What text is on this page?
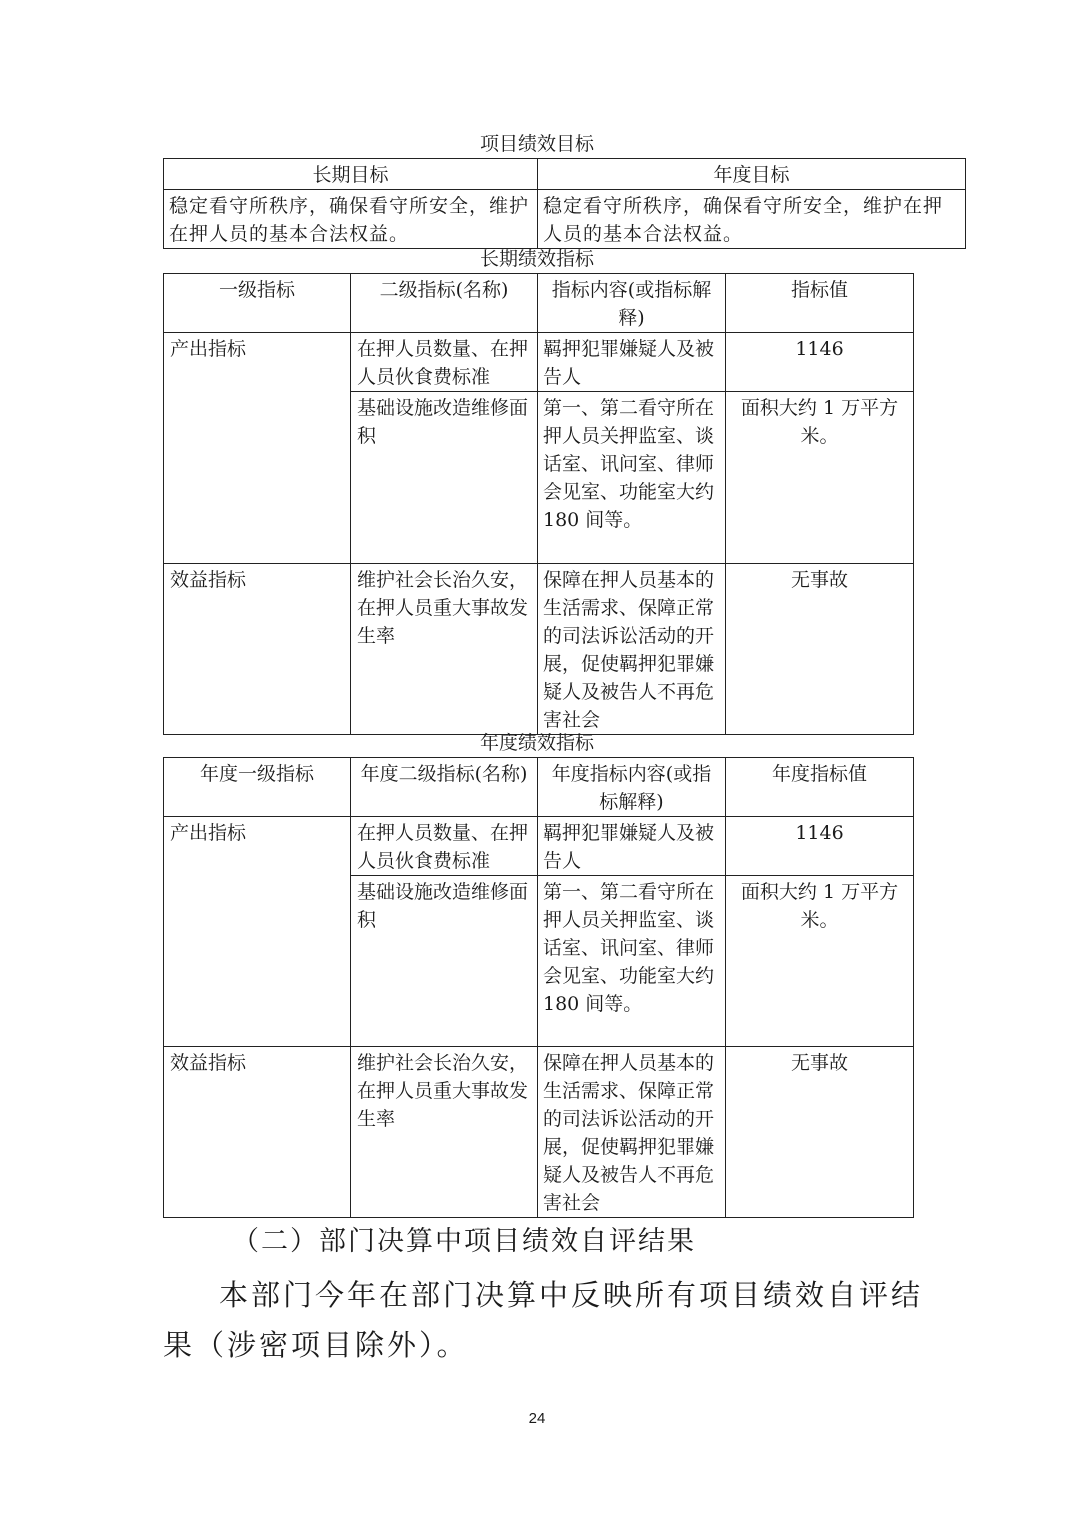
项目绩效目标
长期目标	年度目标
稳定看守所秩序，确保看守所安全，维护在押人员的基本合法权益。	稳定看守所秩序，确保看守所安全，维护在押人员的基本合法权益。
长期绩效指标
一级指标	二级指标(名称)	指标内容(或指标解释)	指标值
产出指标	在押人员数量、在押人员伙食费标准	羁押犯罪嫌疑人及被告人	1146
	基础设施改造维修面积	第一、第二看守所在押人员关押监室、谈话室、讯问室、律师会见室、功能室大约 180 间等。	面积大约 1 万平方米。
效益指标	维护社会长治久安，在押人员重大事故发生率	保障在押人员基本的生活需求、保障正常的司法诉讼活动的开展，促使羁押犯罪嫌疑人及被告人不再危害社会	无事故
年度绩效指标
年度一级指标	年度二级指标(名称)	年度指标内容(或指标解释)	年度指标值
产出指标	在押人员数量、在押人员伙食费标准	羁押犯罪嫌疑人及被告人	1146
	基础设施改造维修面积	第一、第二看守所在押人员关押监室、谈话室、讯问室、律师会见室、功能室大约 180 间等。	面积大约 1 万平方米。
效益指标	维护社会长治久安，在押人员重大事故发生率	保障在押人员基本的生活需求、保障正常的司法诉讼活动的开展，促使羁押犯罪嫌疑人及被告人不再危害社会	无事故
（二）部门决算中项目绩效自评结果
本部门今年在部门决算中反映所有项目绩效自评结果（涉密项目除外）。
24
